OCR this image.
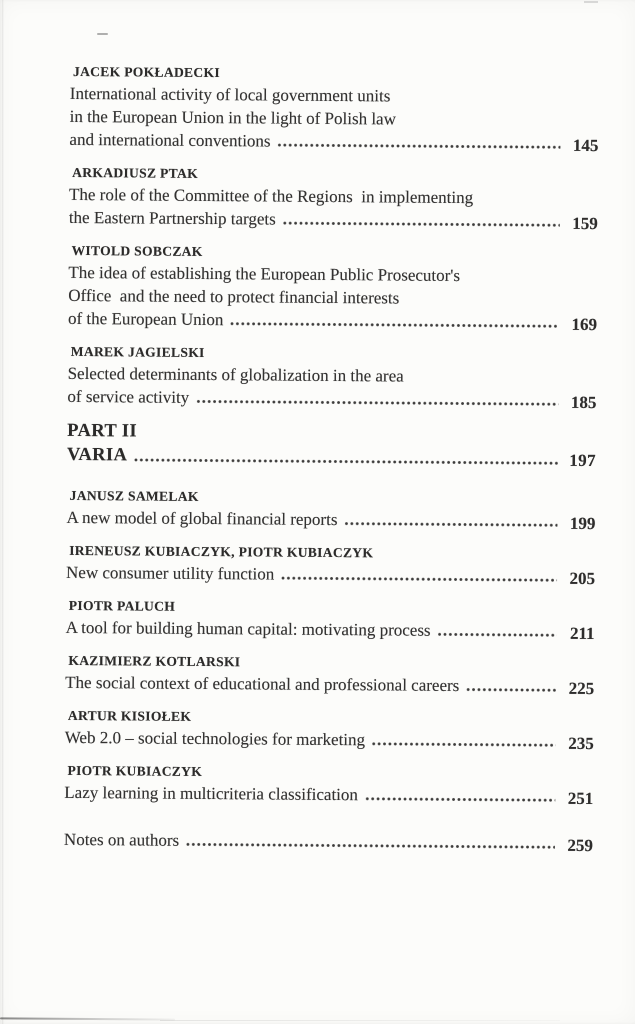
JACEK POKŁADECKI
International activity of local government units
in the European Union in the light of Polish law
and international conventions	145
ARKADIUSZ PTAK
The role of the Committee of the Regions  in implementing
the Eastern Partnership targets	159
WITOLD SOBCZAK
The idea of establishing the European Public Prosecutor's
Office  and the need to protect financial interests
of the European Union	169
MAREK JAGIELSKI
Selected determinants of globalization in the area
of service activity	185
PART II
VARIA	197
JANUSZ SAMELAK
A new model of global financial reports	199
IRENEUSZ KUBIACZYK, PIOTR KUBIACZYK
New consumer utility function	205
PIOTR PALUCH
A tool for building human capital: motivating process	211
KAZIMIERZ KOTLARSKI
The social context of educational and professional careers	225
ARTUR KISIOŁEK
Web 2.0 – social technologies for marketing	235
PIOTR KUBIACZYK
Lazy learning in multicriteria classification	251
Notes on authors	259
